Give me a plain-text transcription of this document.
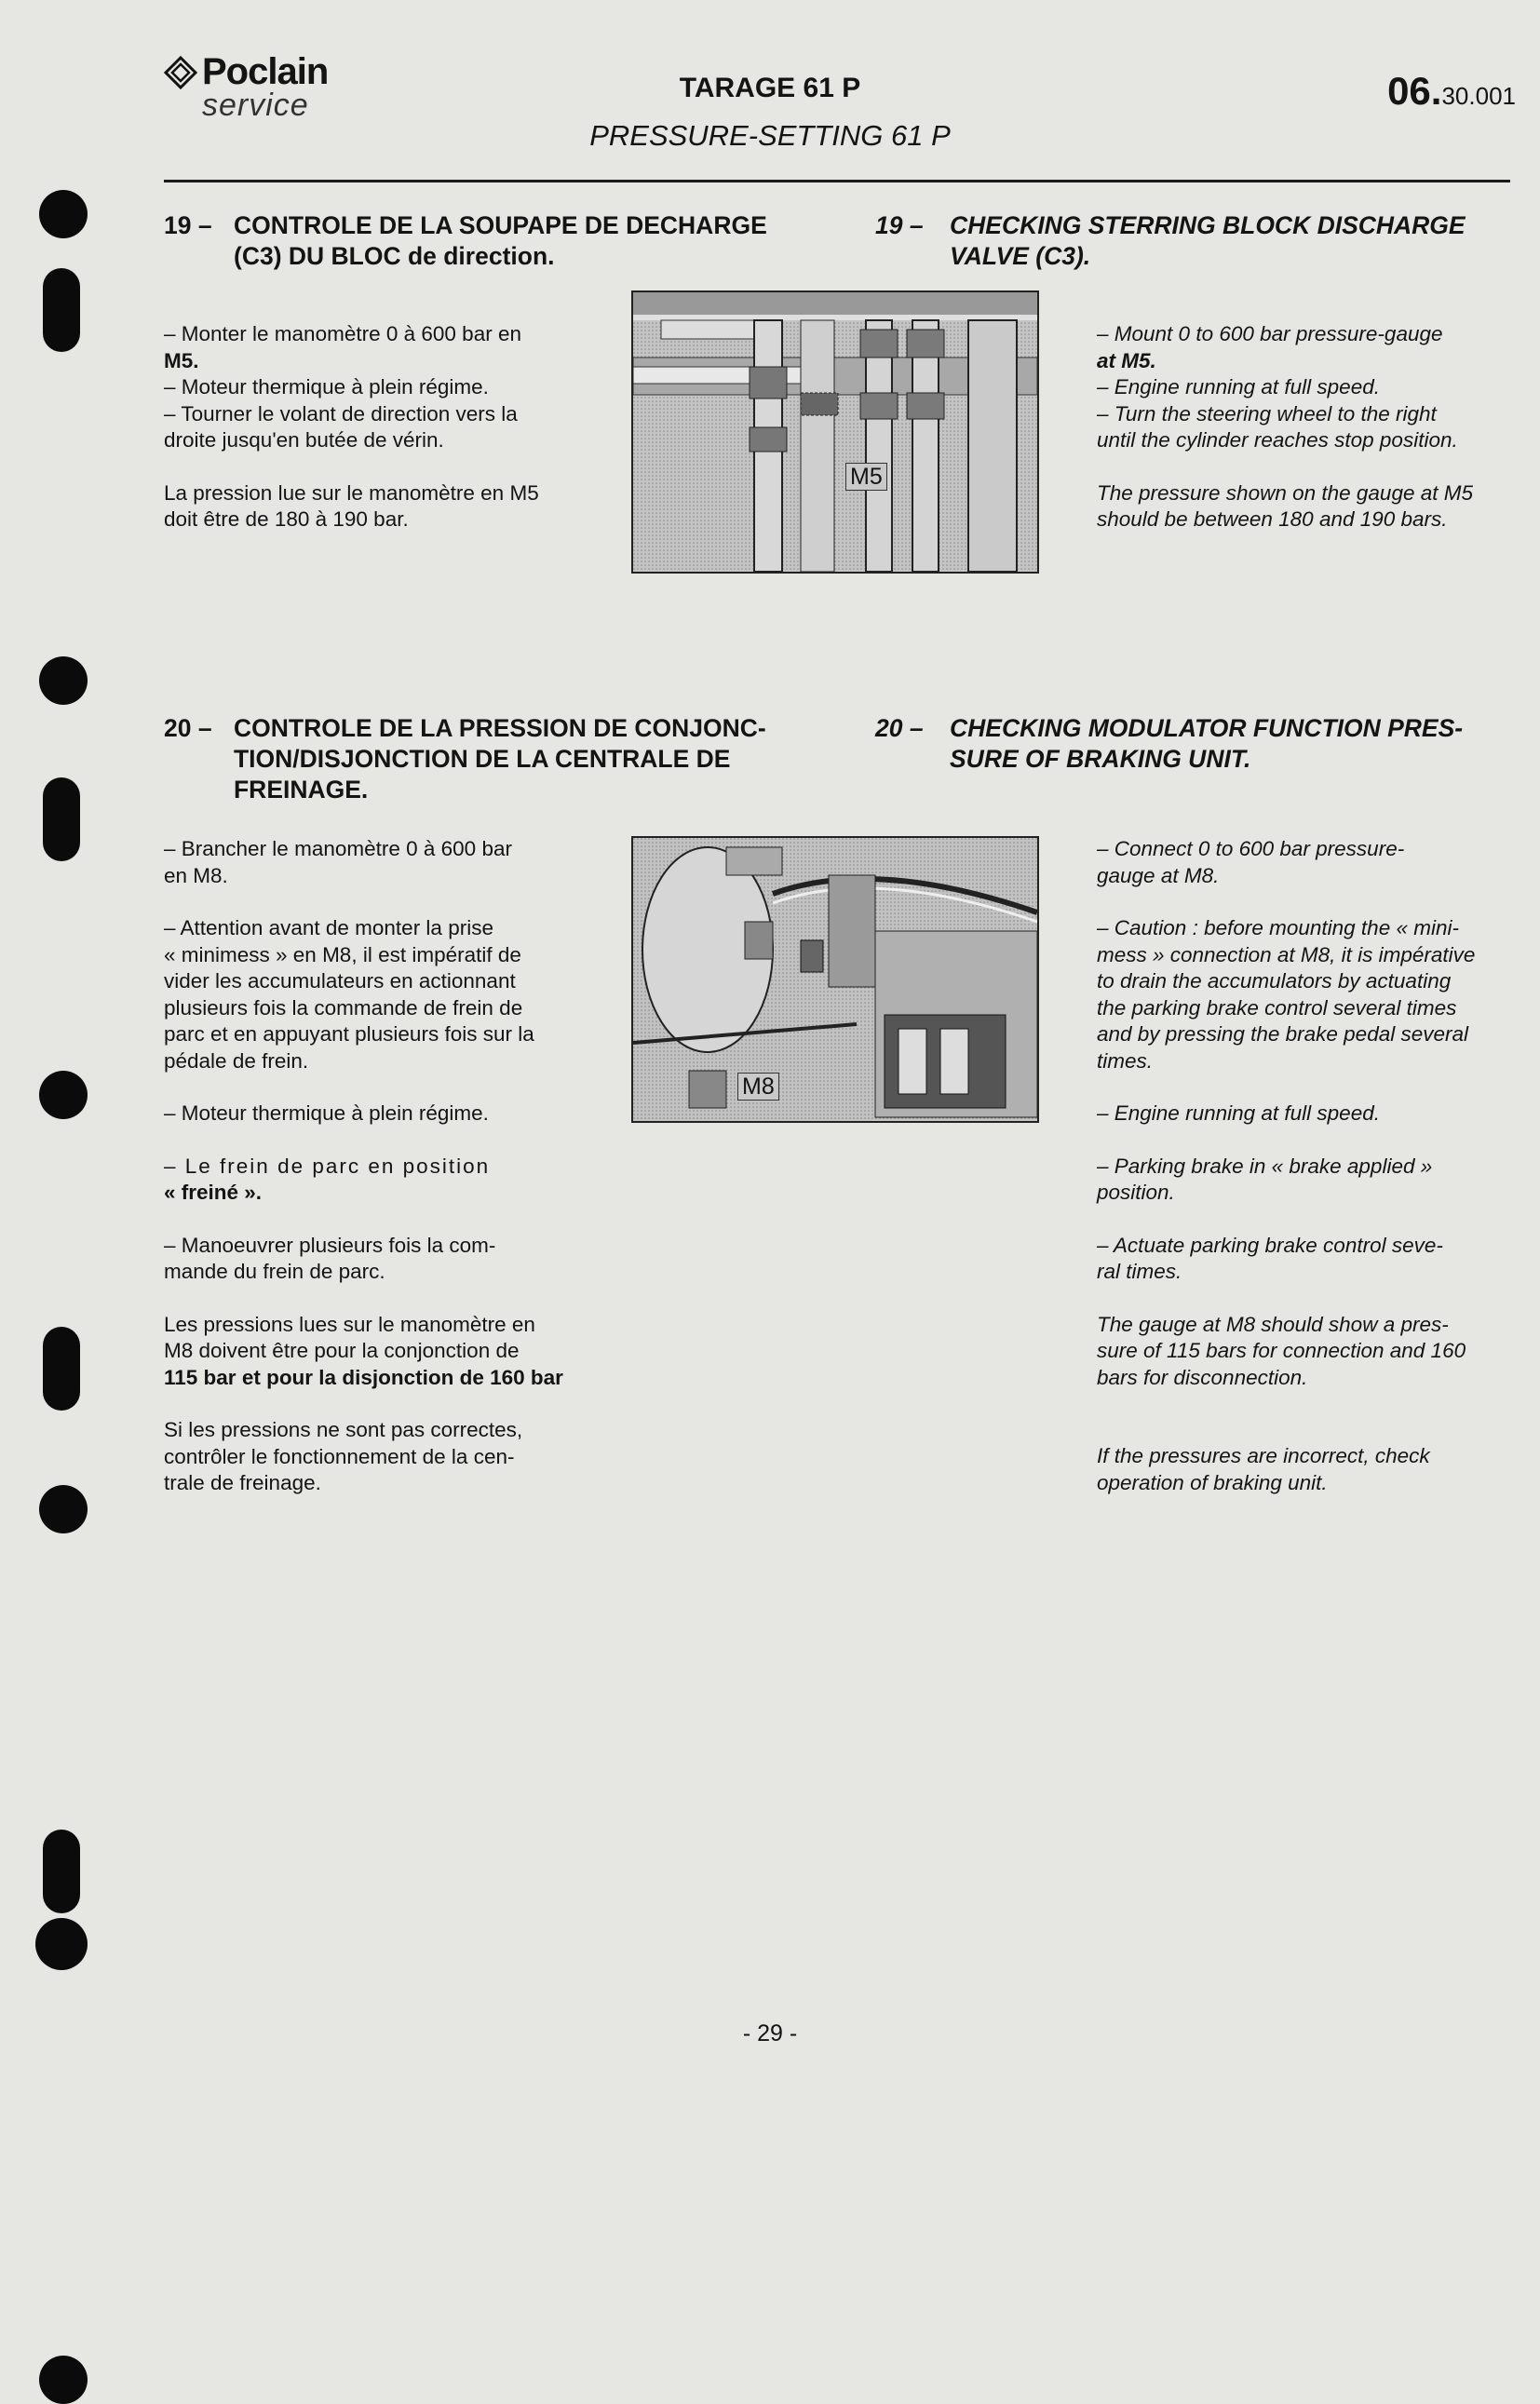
Poclain
service	TARAGE 61 P
PRESSURE-SETTING 61 P
06.30.001
19 – CONTROLE DE LA SOUPAPE DE DECHARGE
(C3) DU BLOC de direction.
19 – CHECKING STERRING BLOCK DISCHARGE
VALVE (C3).

– Monter le manomètre 0 à 600 bar en

M5.

– Moteur thermique à plein régime.

– Tourner le volant de direction vers la

droite jusqu'en butée de vérin.

La pression lue sur le manomètre en M5

doit être de 180 à 190 bar.

– Mount 0 to 600 bar pressure-gauge

at M5.

– Engine running at full speed.

– Turn the steering wheel to the right

until the cylinder reaches stop position.

The pressure shown on the gauge at M5

should be between 180 and 190 bars.

M5
20 – CONTROLE DE LA PRESSION DE CONJONC-
TION/DISJONCTION DE LA CENTRALE DE
FREINAGE.
20 – CHECKING MODULATOR FUNCTION PRES-
SURE OF BRAKING UNIT.

– Brancher le manomètre 0 à 600 bar

en M8.

– Attention avant de monter la prise

« minimess » en M8, il est impératif de

vider les accumulateurs en actionnant

plusieurs fois la commande de frein de

parc et en appuyant plusieurs fois sur la

pédale de frein.

– Moteur thermique à plein régime.

– Le frein de parc en position

« freiné ».

– Manoeuvrer plusieurs fois la com-

mande du frein de parc.

Les pressions lues sur le manomètre en

M8 doivent être pour la conjonction de

115 bar et pour la disjonction de 160 bar

Si les pressions ne sont pas correctes,

contrôler le fonctionnement de la cen-

trale de freinage.

– Connect 0 to 600 bar pressure-

gauge at M8.

– Caution : before mounting the « mini-

mess » connection at M8, it is impérative

to drain the accumulators by actuating

the parking brake control several times

and by pressing the brake pedal several

times.

– Engine running at full speed.

– Parking brake in « brake applied »

position.

– Actuate parking brake control seve-

ral times.

The gauge at M8 should show a pres-

sure of 115 bars for connection and 160

bars for disconnection.

If the pressures are incorrect, check

operation of braking unit.

M8
- 29 -
